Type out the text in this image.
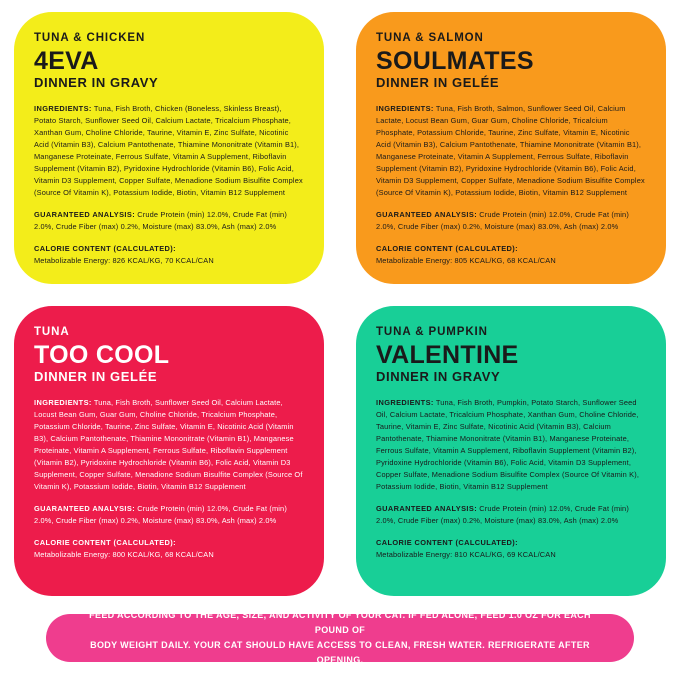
TUNA & CHICKEN

4EVA

DINNER IN GRAVY

INGREDIENTS: Tuna, Fish Broth, Chicken (Boneless, Skinless Breast), Potato Starch, Sunflower Seed Oil, Calcium Lactate, Tricalcium Phosphate, Xanthan Gum, Choline Chloride, Taurine, Vitamin E, Zinc Sulfate, Nicotinic Acid (Vitamin B3), Calcium Pantothenate, Thiamine Mononitrate (Vitamin B1), Manganese Proteinate, Ferrous Sulfate, Vitamin A Supplement, Riboflavin Supplement (Vitamin B2), Pyridoxine Hydrochloride (Vitamin B6), Folic Acid, Vitamin D3 Supplement, Copper Sulfate, Menadione Sodium Bisulfite Complex (Source Of Vitamin K), Potassium Iodide, Biotin, Vitamin B12 Supplement

GUARANTEED ANALYSIS: Crude Protein (min) 12.0%, Crude Fat (min) 2.0%, Crude Fiber (max) 0.2%, Moisture (max) 83.0%, Ash (max) 2.0%

CALORIE CONTENT (CALCULATED):
Metabolizable Energy: 826 KCAL/KG, 70 KCAL/CAN

TUNA & SALMON

SOULMATES

DINNER IN GELÉE

INGREDIENTS: Tuna, Fish Broth, Salmon, Sunflower Seed Oil, Calcium Lactate, Locust Bean Gum, Guar Gum, Choline Chloride, Tricalcium Phosphate, Potassium Chloride, Taurine, Zinc Sulfate, Vitamin E, Nicotinic Acid (Vitamin B3), Calcium Pantothenate, Thiamine Mononitrate (Vitamin B1), Manganese Proteinate, Vitamin A Supplement, Ferrous Sulfate, Riboflavin Supplement (Vitamin B2), Pyridoxine Hydrochloride (Vitamin B6), Folic Acid, Vitamin D3 Supplement, Copper Sulfate, Menadione Sodium Bisulfite Complex (Source Of Vitamin K), Potassium Iodide, Biotin, Vitamin B12 Supplement

GUARANTEED ANALYSIS: Crude Protein (min) 12.0%, Crude Fat (min) 2.0%, Crude Fiber (max) 0.2%, Moisture (max) 83.0%, Ash (max) 2.0%

CALORIE CONTENT (CALCULATED):
Metabolizable Energy: 805 KCAL/KG, 68 KCAL/CAN

TUNA

TOO COOL

DINNER IN GELÉE

INGREDIENTS: Tuna, Fish Broth, Sunflower Seed Oil, Calcium Lactate, Locust Bean Gum, Guar Gum, Choline Chloride, Tricalcium Phosphate, Potassium Chloride, Taurine, Zinc Sulfate, Vitamin E, Nicotinic Acid (Vitamin B3), Calcium Pantothenate, Thiamine Mononitrate (Vitamin B1), Manganese Proteinate, Vitamin A Supplement, Ferrous Sulfate, Riboflavin Supplement (Vitamin B2), Pyridoxine Hydrochloride (Vitamin B6), Folic Acid, Vitamin D3 Supplement, Copper Sulfate, Menadione Sodium Bisulfite Complex (Source Of Vitamin K), Potassium Iodide, Biotin, Vitamin B12 Supplement

GUARANTEED ANALYSIS: Crude Protein (min) 12.0%, Crude Fat (min) 2.0%, Crude Fiber (max) 0.2%, Moisture (max) 83.0%, Ash (max) 2.0%

CALORIE CONTENT (CALCULATED):
Metabolizable Energy: 800 KCAL/KG, 68 KCAL/CAN

TUNA & PUMPKIN

VALENTINE

DINNER IN GRAVY

INGREDIENTS: Tuna, Fish Broth, Pumpkin, Potato Starch, Sunflower Seed Oil, Calcium Lactate, Tricalcium Phosphate, Xanthan Gum, Choline Chloride, Taurine, Vitamin E, Zinc Sulfate, Nicotinic Acid (Vitamin B3), Calcium Pantothenate, Thiamine Mononitrate (Vitamin B1), Manganese Proteinate, Ferrous Sulfate, Vitamin A Supplement, Riboflavin Supplement (Vitamin B2), Pyridoxine Hydrochloride (Vitamin B6), Folic Acid, Vitamin D3 Supplement, Copper Sulfate, Menadione Sodium Bisulfite Complex (Source Of Vitamin K), Potassium Iodide, Biotin, Vitamin B12 Supplement

GUARANTEED ANALYSIS: Crude Protein (min) 12.0%, Crude Fat (min) 2.0%, Crude Fiber (max) 0.2%, Moisture (max) 83.0%, Ash (max) 2.0%

CALORIE CONTENT (CALCULATED):
Metabolizable Energy: 810 KCAL/KG, 69 KCAL/CAN

FEED ACCORDING TO THE AGE, SIZE, AND ACTIVITY OF YOUR CAT. IF FED ALONE, FEED 1.0 OZ FOR EACH POUND OF
BODY WEIGHT DAILY. YOUR CAT SHOULD HAVE ACCESS TO CLEAN, FRESH WATER. REFRIGERATE AFTER OPENING.
